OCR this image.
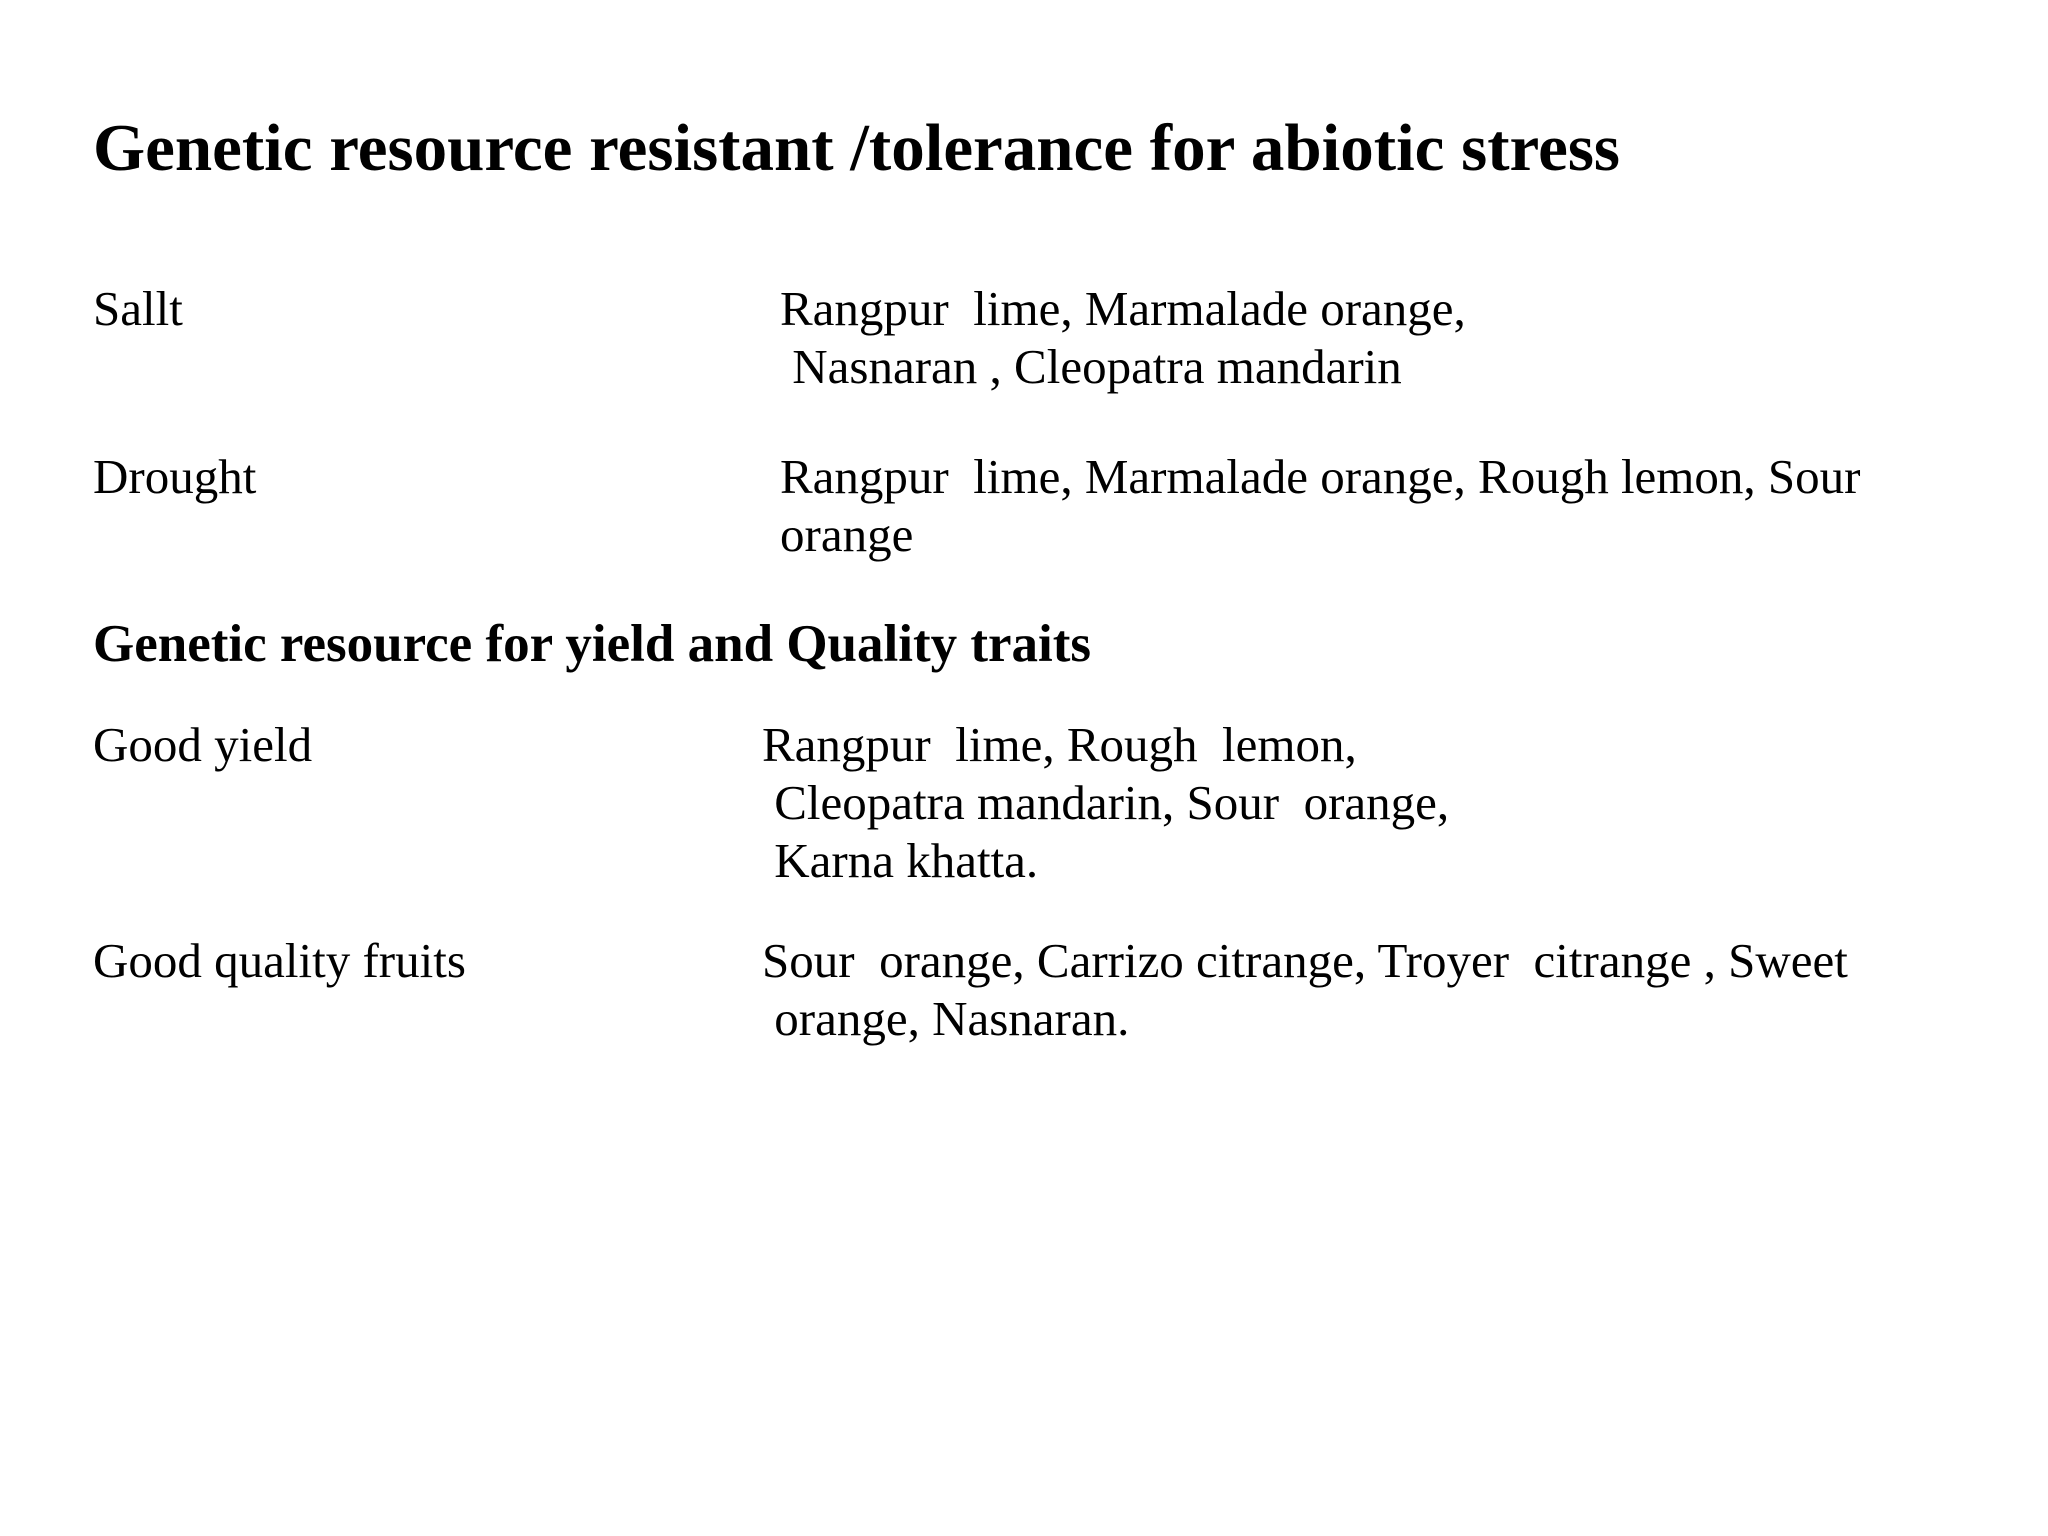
Genetic resource resistant /tolerance for abiotic stress
Sallt	Rangpur  lime, Marmalade orange,
Nasnaran , Cleopatra mandarin
Drought	Rangpur  lime, Marmalade orange, Rough lemon, Sour
orange
Genetic resource for yield and Quality traits
Good yield	Rangpur  lime, Rough  lemon,
Cleopatra mandarin, Sour  orange,
Karna khatta.
Good quality fruits	Sour  orange, Carrizo citrange, Troyer  citrange , Sweet
orange, Nasnaran.
